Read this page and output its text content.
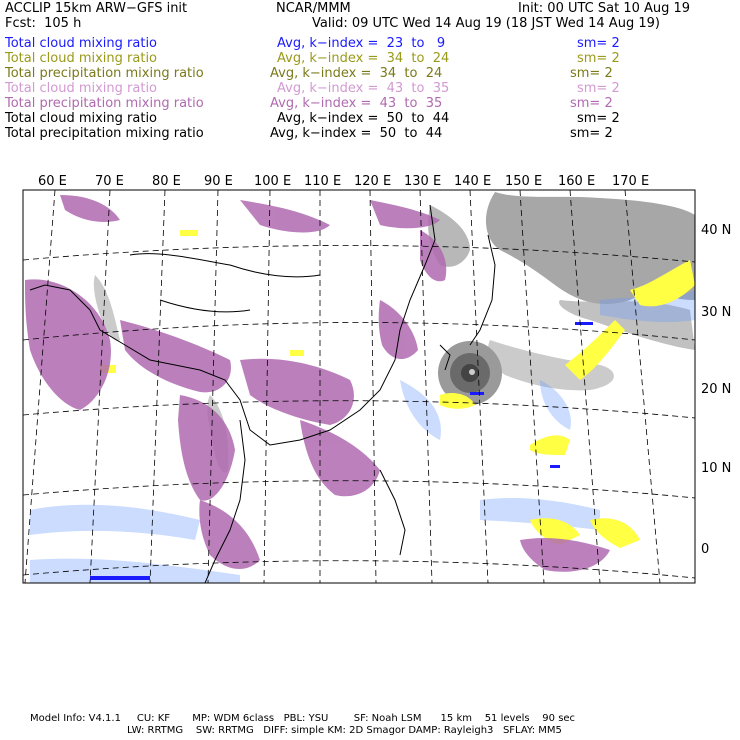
ACCLIP 15km ARW−GFS init	NCAR/MMM	Init: 00 UTC Sat 10 Aug 19
Fcst:  105 h	Valid: 09 UTC Wed 14 Aug 19 (18 JST Wed 14 Aug 19)
Total cloud mixing ratio	Avg, k−index =  23  to   9	sm= 2
Total cloud mixing ratio	Avg, k−index =  34  to  24	sm= 2
Total precipitation mixing ratio	Avg, k−index =  34  to  24	sm= 2
Total cloud mixing ratio	Avg, k−index =  43  to  35	sm= 2
Total precipitation mixing ratio	Avg, k−index =  43  to  35	sm= 2
Total cloud mixing ratio	Avg, k−index =  50  to  44	sm= 2
Total precipitation mixing ratio	Avg, k−index =  50  to  44	sm= 2
60 E 70 E 80 E 90 E 100 E 110 E 120 E 130 E 140 E 150 E 160 E 170 E
40 N
30 N
20 N
10 N
0
Model Info: V4.1.1     CU: KF       MP: WDM 6class   PBL: YSU        SF: Noah LSM      15 km    51 levels    90 sec
LW: RRTMG    SW: RRTMG   DIFF: simple KM: 2D Smagor DAMP: Rayleigh3   SFLAY: MM5
